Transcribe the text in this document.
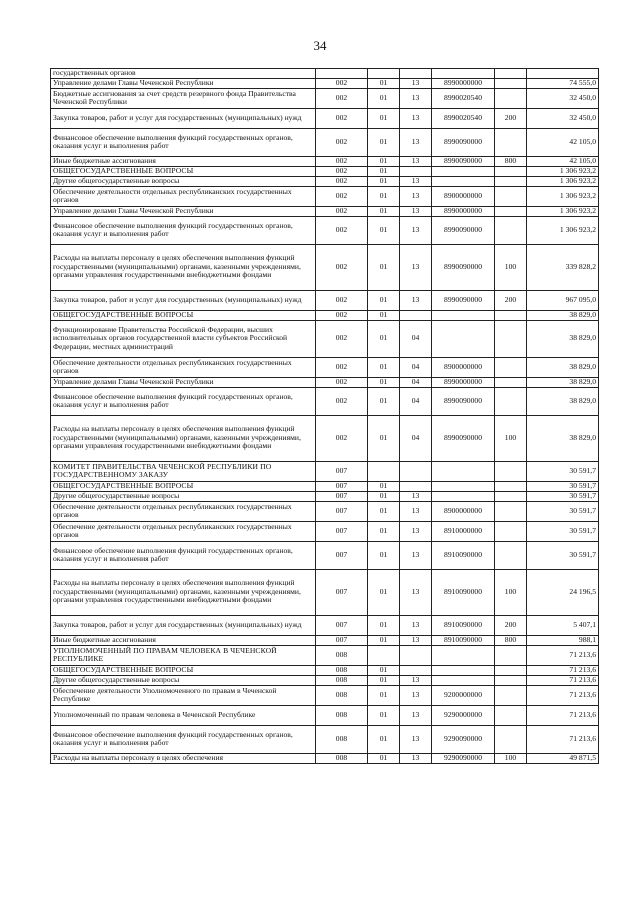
34
государственных органов						
Управление делами Главы Чеченской Республики	002	01	13	8990000000		74 555,0
Бюджетные ассигнования за счет средств резервного фонда Правительства Чеченской Республики	002	01	13	8990020540		32 450,0
Закупка товаров, работ и услуг для государственных (муниципальных) нужд	002	01	13	8990020540	200	32 450,0
Финансовое обеспечение выполнения функций государственных органов, оказания услуг и выполнения работ	002	01	13	8990090000		42 105,0
Иные бюджетные ассигнования	002	01	13	8990090000	800	42 105,0
ОБЩЕГОСУДАРСТВЕННЫЕ ВОПРОСЫ	002	01				1 306 923,2
Другие общегосударственные вопросы	002	01	13			1 306 923,2
Обеспечение деятельности отдельных республиканских государственных органов	002	01	13	8900000000		1 306 923,2
Управление делами Главы Чеченской Республики	002	01	13	8990000000		1 306 923,2
Финансовое обеспечение выполнения функций государственных органов, оказания услуг и выполнения работ	002	01	13	8990090000		1 306 923,2
Расходы на выплаты персоналу в целях обеспечения выполнения функций государственными (муниципальными) органами, казенными учреждениями, органами управления государственными внебюджетными фондами	002	01	13	8990090000	100	339 828,2
Закупка товаров, работ и услуг для государственных (муниципальных) нужд	002	01	13	8990090000	200	967 095,0
ОБЩЕГОСУДАРСТВЕННЫЕ ВОПРОСЫ	002	01				38 829,0
Функционирование Правительства Российской Федерации, высших исполнительных органов государственной власти субъектов Российской Федерации, местных администраций	002	01	04			38 829,0
Обеспечение деятельности отдельных республиканских государственных органов	002	01	04	8900000000		38 829,0
Управление делами Главы Чеченской Республики	002	01	04	8990000000		38 829,0
Финансовое обеспечение выполнения функций государственных органов, оказания услуг и выполнения работ	002	01	04	8990090000		38 829,0
Расходы на выплаты персоналу в целях обеспечения выполнения функций государственными (муниципальными) органами, казенными учреждениями, органами управления государственными внебюджетными фондами	002	01	04	8990090000	100	38 829,0
КОМИТЕТ ПРАВИТЕЛЬСТВА ЧЕЧЕНСКОЙ РЕСПУБЛИКИ ПО ГОСУДАРСТВЕННОМУ ЗАКАЗУ	007					30 591,7
ОБЩЕГОСУДАРСТВЕННЫЕ ВОПРОСЫ	007	01				30 591,7
Другие общегосударственные вопросы	007	01	13			30 591,7
Обеспечение деятельности отдельных республиканских государственных органов	007	01	13	8900000000		30 591,7
Обеспечение деятельности отдельных республиканских государственных органов	007	01	13	8910000000		30 591,7
Финансовое обеспечение выполнения функций государственных органов, оказания услуг и выполнения работ	007	01	13	8910090000		30 591,7
Расходы на выплаты персоналу в целях обеспечения выполнения функций государственными (муниципальными) органами, казенными учреждениями, органами управления государственными внебюджетными фондами	007	01	13	8910090000	100	24 196,5
Закупка товаров, работ и услуг для государственных (муниципальных) нужд	007	01	13	8910090000	200	5 407,1
Иные бюджетные ассигнования	007	01	13	8910090000	800	988,1
УПОЛНОМОЧЕННЫЙ ПО ПРАВАМ ЧЕЛОВЕКА В ЧЕЧЕНСКОЙ РЕСПУБЛИКЕ	008					71 213,6
ОБЩЕГОСУДАРСТВЕННЫЕ ВОПРОСЫ	008	01				71 213,6
Другие общегосударственные вопросы	008	01	13			71 213,6
Обеспечение деятельности Уполномоченного по правам в Чеченской Республике	008	01	13	9200000000		71 213,6
Уполномоченный по правам человека в Чеченской Республике	008	01	13	9290000000		71 213,6
Финансовое обеспечение выполнения функций государственных органов, оказания услуг и выполнения работ	008	01	13	9290090000		71 213,6
Расходы на выплаты персоналу в целях обеспечения	008	01	13	9290090000	100	49 871,5
